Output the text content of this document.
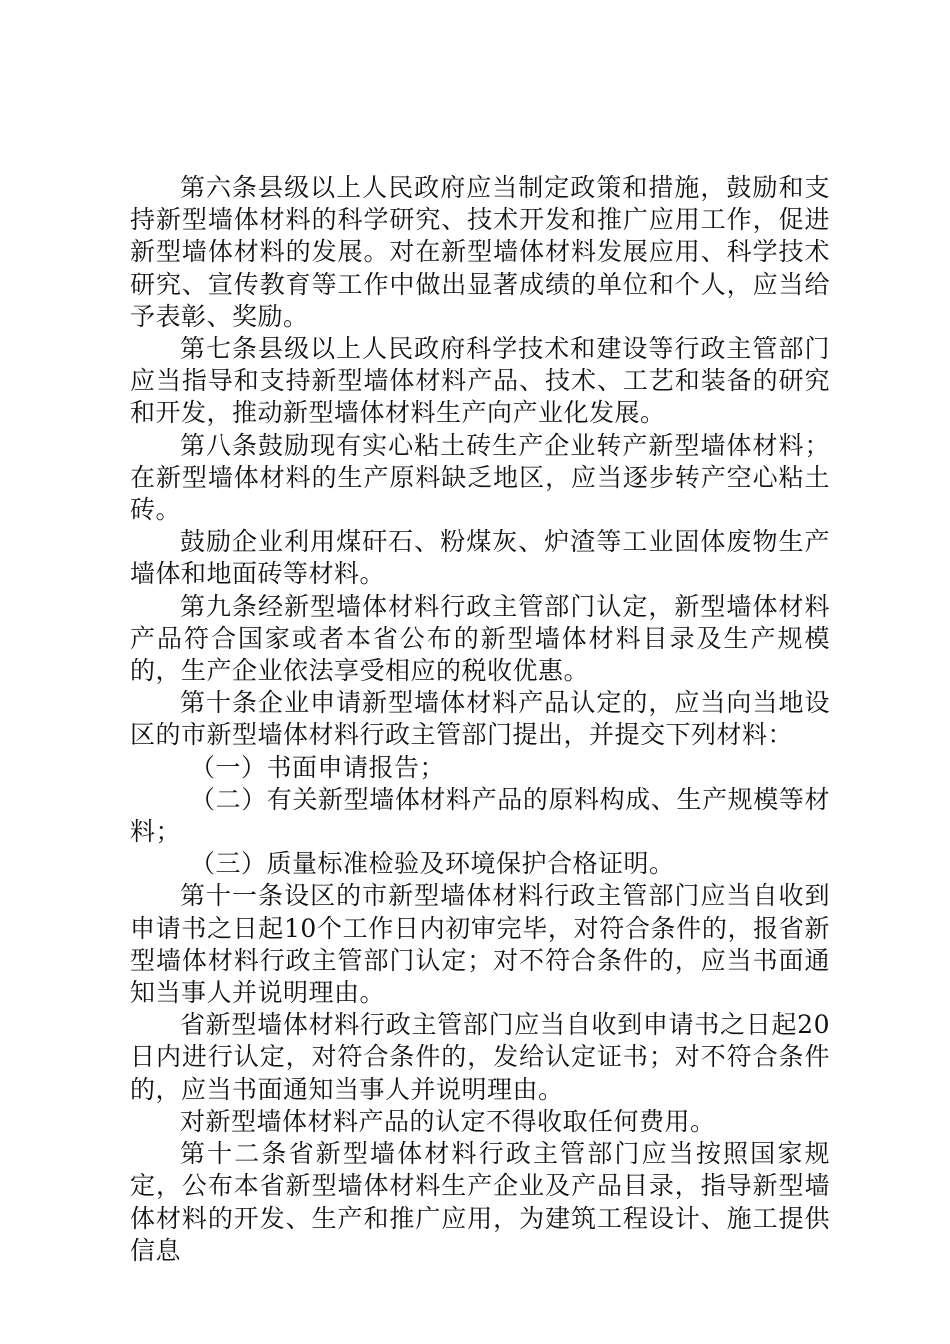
第六条县级以上人民政府应当制定政策和措施，鼓励和支持新型墙体材料的科学研究、技术开发和推广应用工作，促进新型墙体材料的发展。对在新型墙体材料发展应用、科学技术研究、宣传教育等工作中做出显著成绩的单位和个人，应当给予表彰、奖励。

第七条县级以上人民政府科学技术和建设等行政主管部门应当指导和支持新型墙体材料产品、技术、工艺和装备的研究和开发，推动新型墙体材料生产向产业化发展。

第八条鼓励现有实心粘土砖生产企业转产新型墙体材料；在新型墙体材料的生产原料缺乏地区，应当逐步转产空心粘土砖。

鼓励企业利用煤矸石、粉煤灰、炉渣等工业固体废物生产墙体和地面砖等材料。

第九条经新型墙体材料行政主管部门认定，新型墙体材料产品符合国家或者本省公布的新型墙体材料目录及生产规模的，生产企业依法享受相应的税收优惠。

第十条企业申请新型墙体材料产品认定的，应当向当地设区的市新型墙体材料行政主管部门提出，并提交下列材料：

（一）书面申请报告；

（二）有关新型墙体材料产品的原料构成、生产规模等材料；

（三）质量标准检验及环境保护合格证明。

第十一条设区的市新型墙体材料行政主管部门应当自收到申请书之日起10个工作日内初审完毕，对符合条件的，报省新型墙体材料行政主管部门认定；对不符合条件的，应当书面通知当事人并说明理由。

省新型墙体材料行政主管部门应当自收到申请书之日起20日内进行认定，对符合条件的，发给认定证书；对不符合条件的，应当书面通知当事人并说明理由。

对新型墙体材料产品的认定不得收取任何费用。

第十二条省新型墙体材料行政主管部门应当按照国家规定，公布本省新型墙体材料生产企业及产品目录，指导新型墙体材料的开发、生产和推广应用，为建筑工程设计、施工提供信息
